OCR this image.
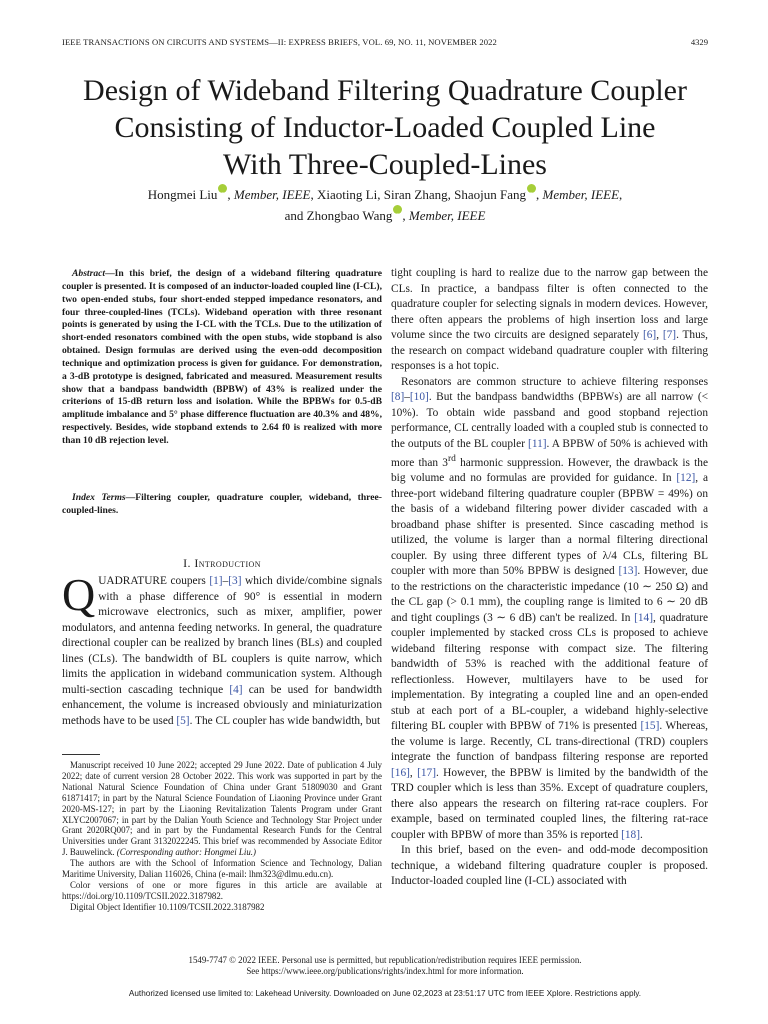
IEEE TRANSACTIONS ON CIRCUITS AND SYSTEMS—II: EXPRESS BRIEFS, VOL. 69, NO. 11, NOVEMBER 2022	4329
Design of Wideband Filtering Quadrature Coupler
Consisting of Inductor-Loaded Coupled Line
With Three-Coupled-Lines
Hongmei Liu iD , Member, IEEE, Xiaoting Li, Siran Zhang, Shaojun Fang iD , Member, IEEE,
and Zhongbao Wang iD , Member, IEEE

Abstract—In this brief, the design of a wideband filtering quadrature coupler is presented. It is composed of an inductor-loaded coupled line (I-CL), two open-ended stubs, four short-ended stepped impedance resonators, and four three-coupled-lines (TCLs). Wideband operation with three resonant points is generated by using the I-CL with the TCLs. Due to the utilization of short-ended resonators combined with the open stubs, wide stopband is also obtained. Design formulas are derived using the even-odd decomposition technique and optimization process is given for guidance. For demonstration, a 3-dB prototype is designed, fabricated and measured. Measurement results show that a bandpass bandwidth (BPBW) of 43% is realized under the criterions of 15-dB return loss and isolation. While the BPBWs for 0.5-dB amplitude imbalance and 5° phase difference fluctuation are 40.3% and 48%, respectively. Besides, wide stopband extends to 2.64 f0 is realized with more than 10 dB rejection level.

Index Terms—Filtering coupler, quadrature coupler, wideband, three-coupled-lines.
I. Introduction

QUADRATURE coupers [1]–[3] which divide/combine signals with a phase difference of 90° is essential in modern microwave electronics, such as mixer, amplifier, power modulators, and antenna feeding networks. In general, the quadrature directional coupler can be realized by branch lines (BLs) and coupled lines (CLs). The bandwidth of BL couplers is quite narrow, which limits the application in wideband communication system. Although multi-section cascading technique [4] can be used for bandwidth enhancement, the volume is increased obviously and miniaturization methods have to be used [5]. The CL coupler has wide bandwidth, but

Manuscript received 10 June 2022; accepted 29 June 2022. Date of publication 4 July 2022; date of current version 28 October 2022. This work was supported in part by the National Natural Science Foundation of China under Grant 51809030 and Grant 61871417; in part by the Natural Science Foundation of Liaoning Province under Grant 2020-MS-127; in part by the Liaoning Revitalization Talents Program under Grant XLYC2007067; in part by the Dalian Youth Science and Technology Star Project under Grant 2020RQ007; and in part by the Fundamental Research Funds for the Central Universities under Grant 3132022245. This brief was recommended by Associate Editor J. Bauwelinck. (Corresponding author: Hongmei Liu.)

The authors are with the School of Information Science and Technology, Dalian Maritime University, Dalian 116026, China (e-mail: lhm323@dlmu.edu.cn).

Color versions of one or more figures in this article are available at https://doi.org/10.1109/TCSII.2022.3187982.

Digital Object Identifier 10.1109/TCSII.2022.3187982

tight coupling is hard to realize due to the narrow gap between the CLs. In practice, a bandpass filter is often connected to the quadrature coupler for selecting signals in modern devices. However, there often appears the problems of high insertion loss and large volume since the two circuits are designed separately [6], [7]. Thus, the research on compact wideband quadrature coupler with filtering responses is a hot topic.

Resonators are common structure to achieve filtering responses [8]–[10]. But the bandpass bandwidths (BPBWs) are all narrow (< 10%). To obtain wide passband and good stopband rejection performance, CL centrally loaded with a coupled stub is connected to the outputs of the BL coupler [11]. A BPBW of 50% is achieved with more than 3rd harmonic suppression. However, the drawback is the big volume and no formulas are provided for guidance. In [12], a three-port wideband filtering quadrature coupler (BPBW = 49%) on the basis of a wideband filtering power divider cascaded with a broadband phase shifter is presented. Since cascading method is utilized, the volume is larger than a normal filtering directional coupler. By using three different types of λ/4 CLs, filtering BL coupler with more than 50% BPBW is designed [13]. However, due to the restrictions on the characteristic impedance (10 ∼ 250 Ω) and the CL gap (> 0.1 mm), the coupling range is limited to 6 ∼ 20 dB and tight couplings (3 ∼ 6 dB) can't be realized. In [14], quadrature coupler implemented by stacked cross CLs is proposed to achieve wideband filtering response with compact size. The filtering bandwidth of 53% is reached with the additional feature of reflectionless. However, multilayers have to be used for implementation. By integrating a coupled line and an open-ended stub at each port of a BL-coupler, a wideband highly-selective filtering BL coupler with BPBW of 71% is presented [15]. Whereas, the volume is large. Recently, CL trans-directional (TRD) couplers integrate the function of bandpass filtering response are reported [16], [17]. However, the BPBW is limited by the bandwidth of the TRD coupler which is less than 35%. Except of quadrature couplers, there also appears the research on filtering rat-race couplers. For example, based on terminated coupled lines, the filtering rat-race coupler with BPBW of more than 35% is reported [18].

In this brief, based on the even- and odd-mode decomposition technique, a wideband filtering quadrature coupler is proposed. Inductor-loaded coupled line (I-CL) associated with

1549-7747 © 2022 IEEE. Personal use is permitted, but republication/redistribution requires IEEE permission.
See https://www.ieee.org/publications/rights/index.html for more information.
Authorized licensed use limited to: Lakehead University. Downloaded on June 02,2023 at 23:51:17 UTC from IEEE Xplore. Restrictions apply.
